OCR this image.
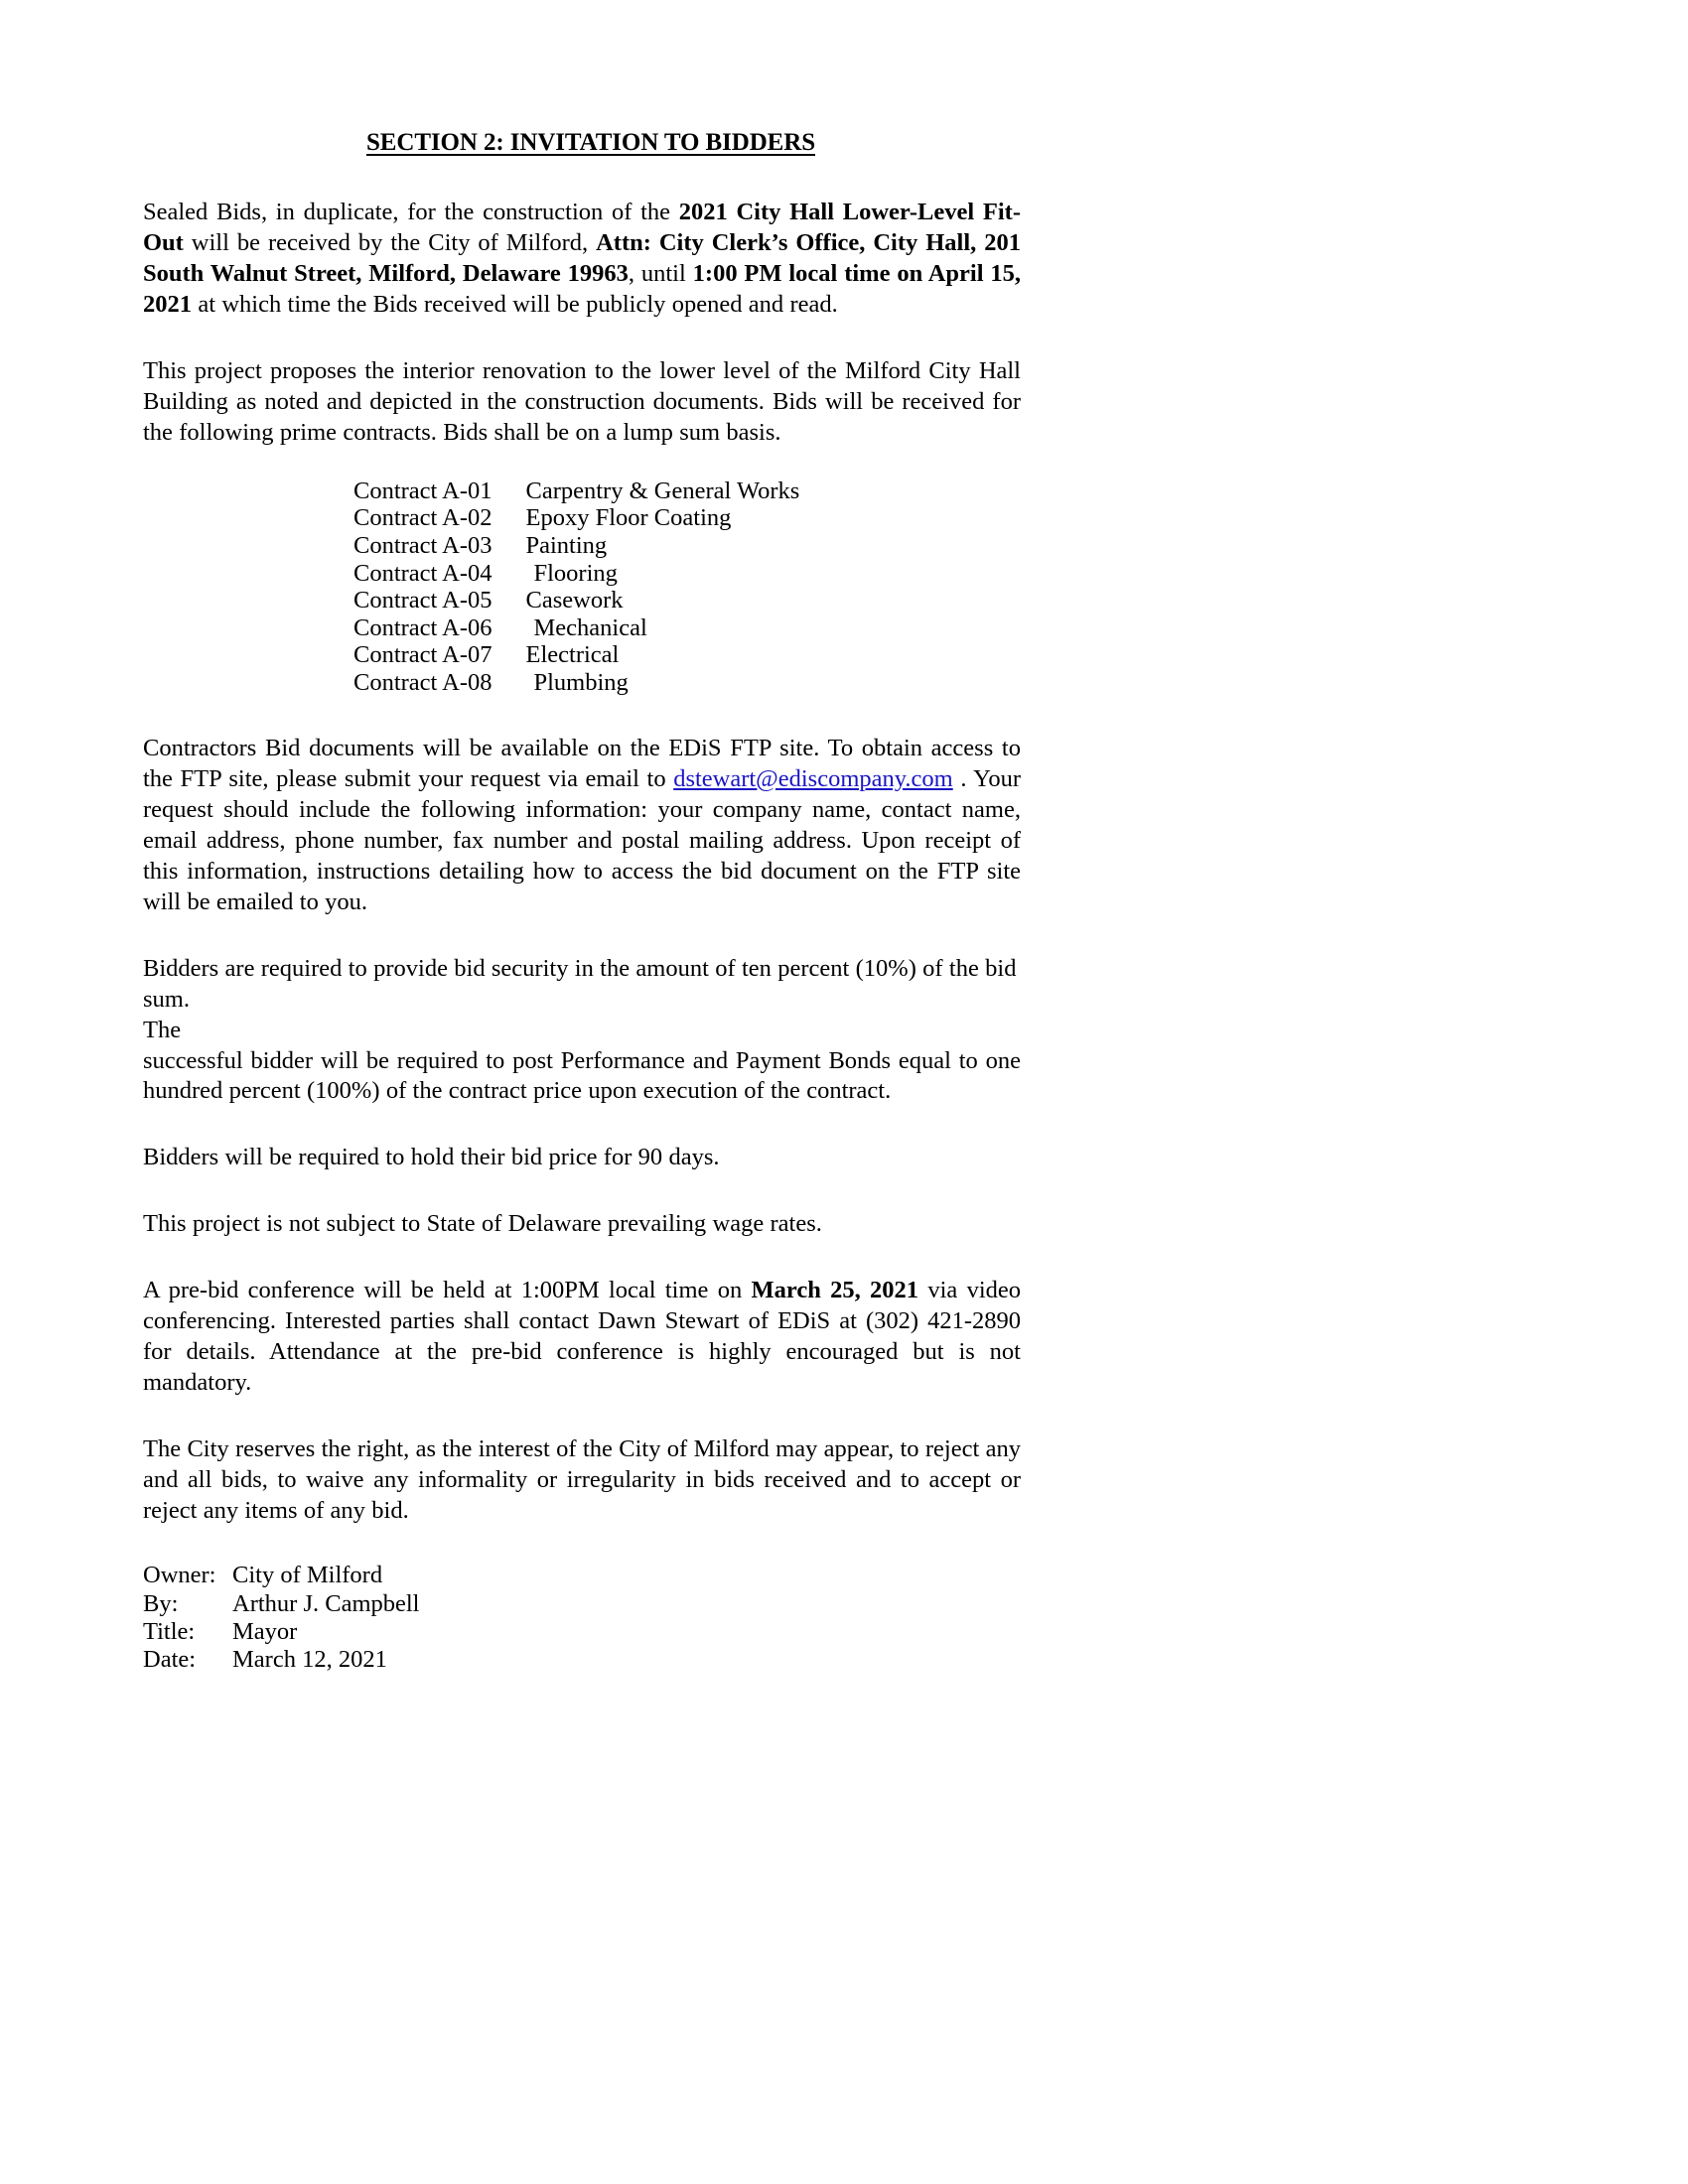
SECTION 2: INVITATION TO BIDDERS

Sealed Bids, in duplicate, for the construction of the 2021 City Hall Lower-Level Fit-Out will be received by the City of Milford, Attn: City Clerk’s Office, City Hall, 201 South Walnut Street, Milford, Delaware 19963, until 1:00 PM local time on April 15, 2021 at which time the Bids received will be publicly opened and read.

This project proposes the interior renovation to the lower level of the Milford City Hall Building as noted and depicted in the construction documents. Bids will be received for the following prime contracts. Bids shall be on a lump sum basis.

Contract A-01	Carpentry & General Works
Contract A-02	Epoxy Floor Coating
Contract A-03	Painting
Contract A-04	Flooring
Contract A-05	Casework
Contract A-06	Mechanical
Contract A-07	Electrical
Contract A-08	Plumbing

Contractors Bid documents will be available on the EDiS FTP site. To obtain access to the FTP site, please submit your request via email to dstewart@ediscompany.com . Your request should include the following information: your company name, contact name, email address, phone number, fax number and postal mailing address. Upon receipt of this information, instructions detailing how to access the bid document on the FTP site will be emailed to you.

Bidders are required to provide bid security in the amount of ten percent (10%) of the bid sum.

The

successful bidder will be required to post Performance and Payment Bonds equal to one hundred percent (100%) of the contract price upon execution of the contract.

Bidders will be required to hold their bid price for 90 days.

This project is not subject to State of Delaware prevailing wage rates.

A pre-bid conference will be held at 1:00PM local time on March 25, 2021 via video conferencing. Interested parties shall contact Dawn Stewart of EDiS at (302) 421-2890 for details. Attendance at the pre-bid conference is highly encouraged but is not mandatory.

The City reserves the right, as the interest of the City of Milford may appear, to reject any and all bids, to waive any informality or irregularity in bids received and to accept or reject any items of any bid.

Owner:	City of Milford
By:	Arthur J. Campbell
Title:	Mayor
Date:	March 12, 2021
